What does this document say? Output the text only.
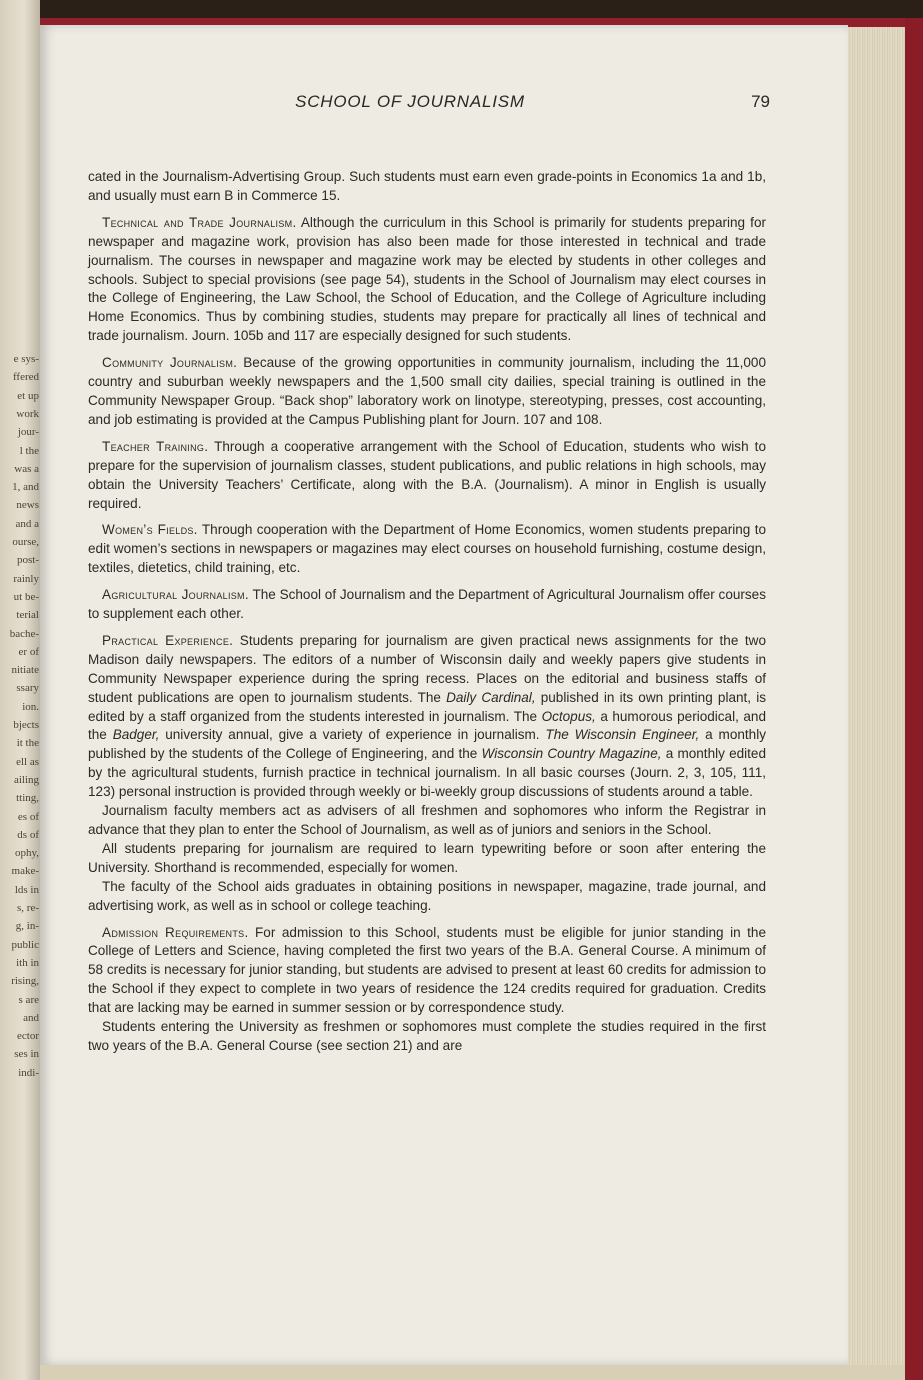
e sys-
ffered
et up
work
jour-
l the
was a
1, and
news
and a
ourse,
post-
rainly
ut be-
terial
bache-
er of
nitiate
ssary
ion.
bjects
it the
ell as
ailing
tting,
es of
ds of
ophy,
make-
lds in
s, re-
g, in-
public
ith in
rising,
s are
and
ector
ses in
indi-
SCHOOL OF JOURNALISM	79

cated in the Journalism-Advertising Group. Such students must earn even grade-points in Economics 1a and 1b, and usually must earn B in Commerce 15.

Technical and Trade Journalism. Although the curriculum in this School is primarily for students preparing for newspaper and magazine work, provision has also been made for those interested in technical and trade journalism. The courses in newspaper and magazine work may be elected by students in other colleges and schools. Subject to special provisions (see page 54), students in the School of Journalism may elect courses in the College of Engineering, the Law School, the School of Education, and the College of Agriculture including Home Economics. Thus by combining studies, students may prepare for practically all lines of technical and trade journalism. Journ. 105b and 117 are especially designed for such students.

Community Journalism. Because of the growing opportunities in community journalism, including the 11,000 country and suburban weekly newspapers and the 1,500 small city dailies, special training is outlined in the Community Newspaper Group. “Back shop” laboratory work on linotype, stereotyping, presses, cost accounting, and job estimating is provided at the Campus Publishing plant for Journ. 107 and 108.

Teacher Training. Through a cooperative arrangement with the School of Education, students who wish to prepare for the supervision of journalism classes, student publications, and public relations in high schools, may obtain the University Teachers’ Certificate, along with the B.A. (Journalism). A minor in English is usually required.

Women’s Fields. Through cooperation with the Department of Home Economics, women students preparing to edit women’s sections in newspapers or magazines may elect courses on household furnishing, costume design, textiles, dietetics, child training, etc.

Agricultural Journalism. The School of Journalism and the Department of Agricultural Journalism offer courses to supplement each other.

Practical Experience. Students preparing for journalism are given practical news assignments for the two Madison daily newspapers. The editors of a number of Wisconsin daily and weekly papers give students in Community Newspaper experience during the spring recess. Places on the editorial and business staffs of student publications are open to journalism students. The Daily Cardinal, published in its own printing plant, is edited by a staff organized from the students interested in journalism. The Octopus, a humorous periodical, and the Badger, university annual, give a variety of experience in journalism. The Wisconsin Engineer, a monthly published by the students of the College of Engineering, and the Wisconsin Country Magazine, a monthly edited by the agricultural students, furnish practice in technical journalism. In all basic courses (Journ. 2, 3, 105, 111, 123) personal instruction is provided through weekly or bi-weekly group discussions of students around a table.

Journalism faculty members act as advisers of all freshmen and sophomores who inform the Registrar in advance that they plan to enter the School of Journalism, as well as of juniors and seniors in the School.

All students preparing for journalism are required to learn typewriting before or soon after entering the University. Shorthand is recommended, especially for women.

The faculty of the School aids graduates in obtaining positions in newspaper, magazine, trade journal, and advertising work, as well as in school or college teaching.

Admission Requirements. For admission to this School, students must be eligible for junior standing in the College of Letters and Science, having completed the first two years of the B.A. General Course. A minimum of 58 credits is necessary for junior standing, but students are advised to present at least 60 credits for admission to the School if they expect to complete in two years of residence the 124 credits required for graduation. Credits that are lacking may be earned in summer session or by correspondence study.

Students entering the University as freshmen or sophomores must complete the studies required in the first two years of the B.A. General Course (see section 21) and are
